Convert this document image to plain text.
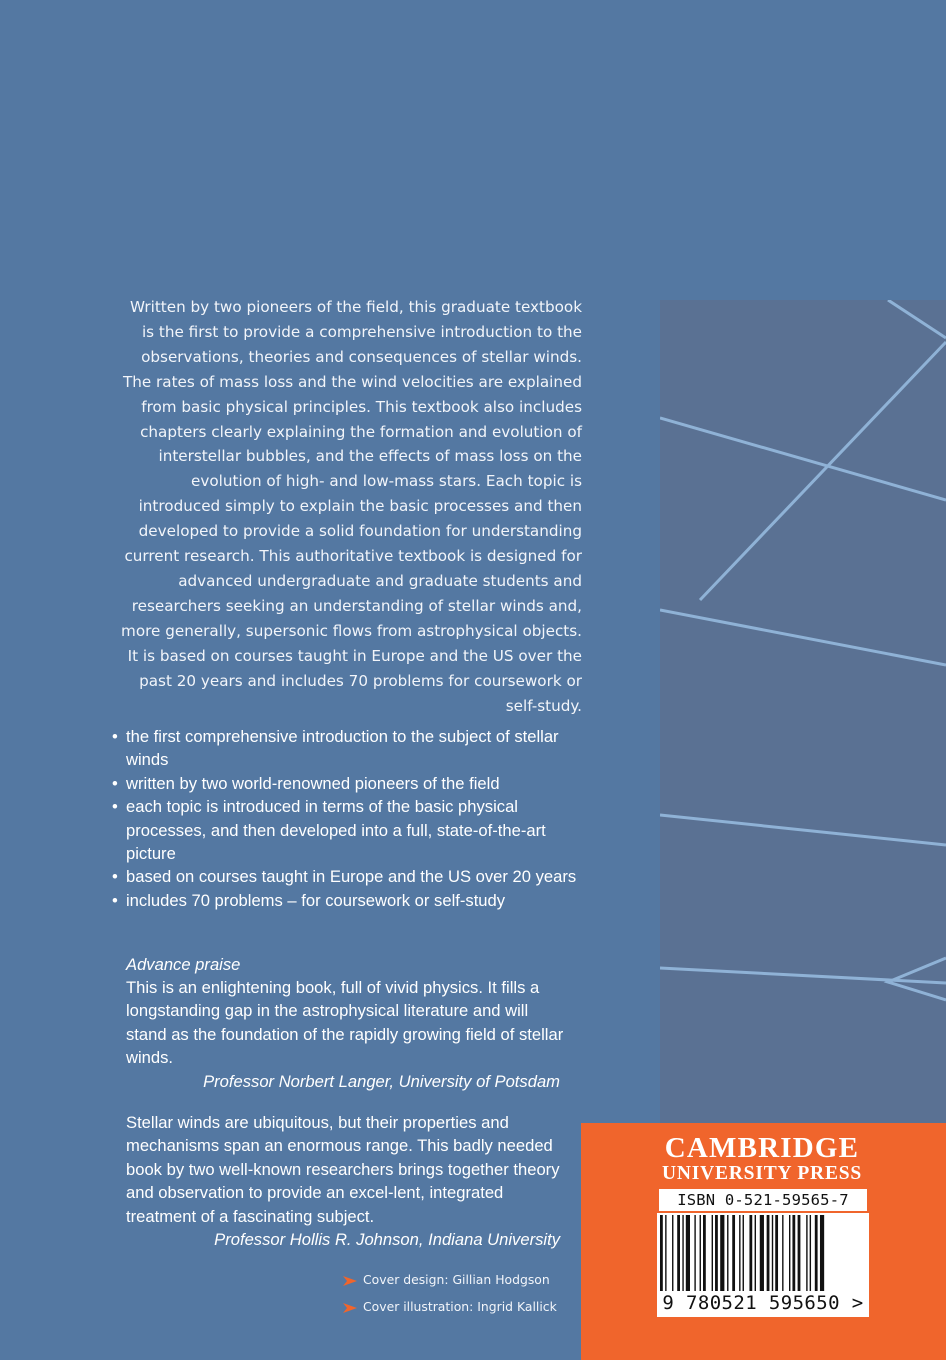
Written by two pioneers of the field, this graduate textbook is the first to provide a comprehensive introduction to the observations, theories and consequences of stellar winds. The rates of mass loss and the wind velocities are explained from basic physical principles. This textbook also includes chapters clearly explaining the formation and evolution of interstellar bubbles, and the effects of mass loss on the evolution of high- and low-mass stars. Each topic is introduced simply to explain the basic processes and then developed to provide a solid foundation for understanding current research. This authoritative textbook is designed for advanced undergraduate and graduate students and researchers seeking an understanding of stellar winds and, more generally, supersonic flows from astrophysical objects. It is based on courses taught in Europe and the US over the past 20 years and includes 70 problems for coursework or self-study.

• the first comprehensive introduction to the subject of stellar winds
• written by two world-renowned pioneers of the field
• each topic is introduced in terms of the basic physical processes, and then developed into a full, state-of-the-art picture
• based on courses taught in Europe and the US over 20 years
• includes 70 problems – for coursework or self-study
Advance praise
This is an enlightening book, full of vivid physics. It fills a longstanding gap in the astrophysical literature and will stand as the foundation of the rapidly growing field of stellar winds.
Professor Norbert Langer, University of Potsdam
Stellar winds are ubiquitous, but their properties and mechanisms span an enormous range. This badly needed book by two well-known researchers brings together theory and observation to provide an excel-lent, integrated treatment of a fascinating subject.
Professor Hollis R. Johnson, Indiana University
Cover design: Gillian Hodgson
Cover illustration: Ingrid Kallick
CAMBRIDGE
UNIVERSITY PRESS
ISBN 0-521-59565-7
9 780521 595650 >
